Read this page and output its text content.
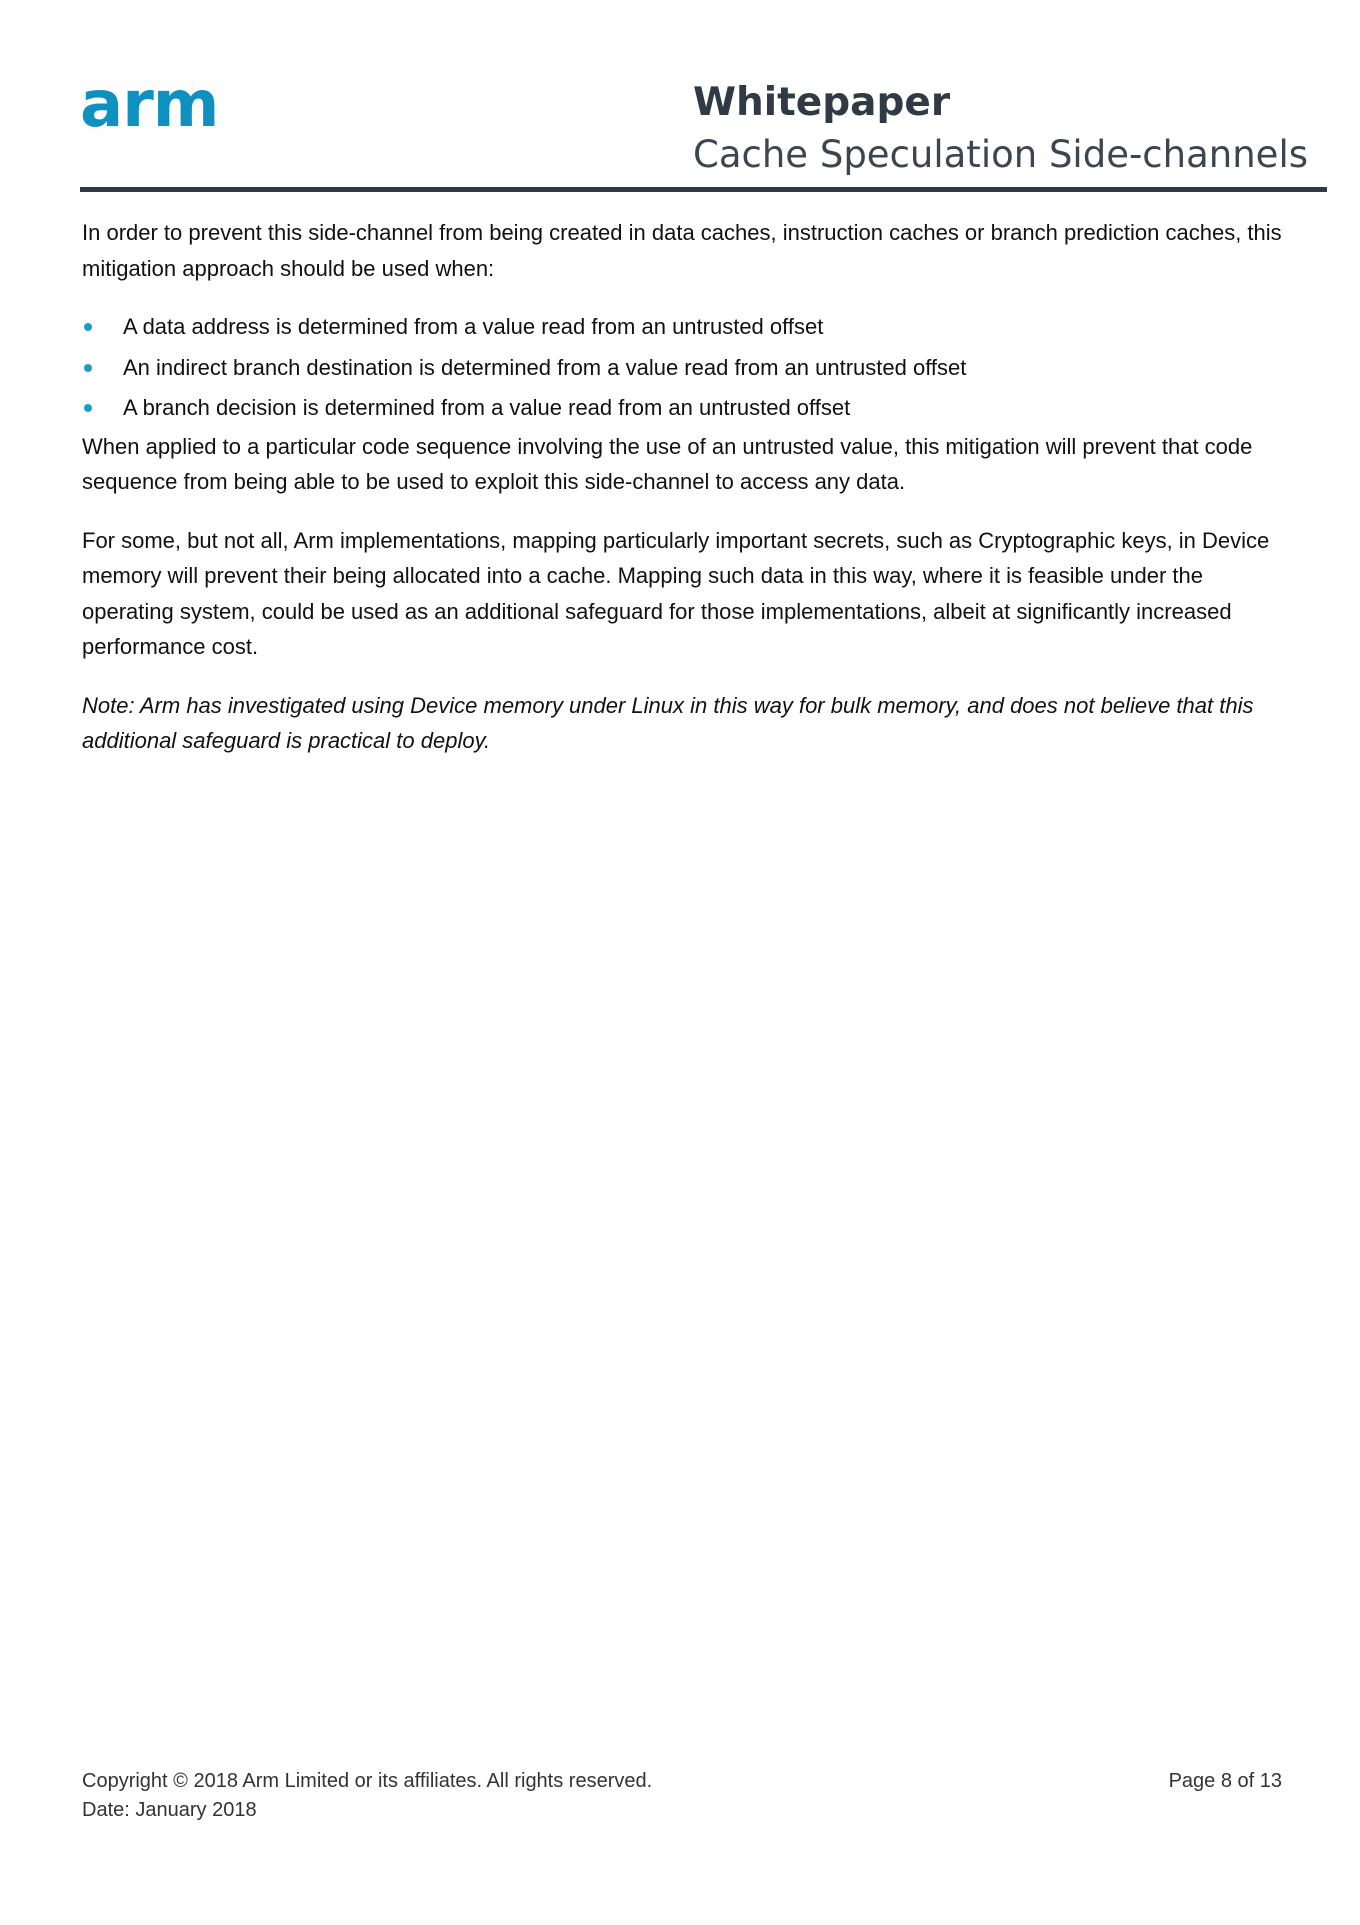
arm	Whitepaper
Cache Speculation Side-channels

In order to prevent this side-channel from being created in data caches, instruction caches or branch prediction caches, this mitigation approach should be used when:

A data address is determined from a value read from an untrusted offset
An indirect branch destination is determined from a value read from an untrusted offset
A branch decision is determined from a value read from an untrusted offset

When applied to a particular code sequence involving the use of an untrusted value, this mitigation will prevent that code sequence from being able to be used to exploit this side-channel to access any data.

For some, but not all, Arm implementations, mapping particularly important secrets, such as Cryptographic keys, in Device memory will prevent their being allocated into a cache. Mapping such data in this way, where it is feasible under the operating system, could be used as an additional safeguard for those implementations, albeit at significantly increased performance cost.

Note: Arm has investigated using Device memory under Linux in this way for bulk memory, and does not believe that this additional safeguard is practical to deploy.

Copyright © 2018 Arm Limited or its affiliates. All rights reserved.
Date: January 2018
Page 8 of 13
